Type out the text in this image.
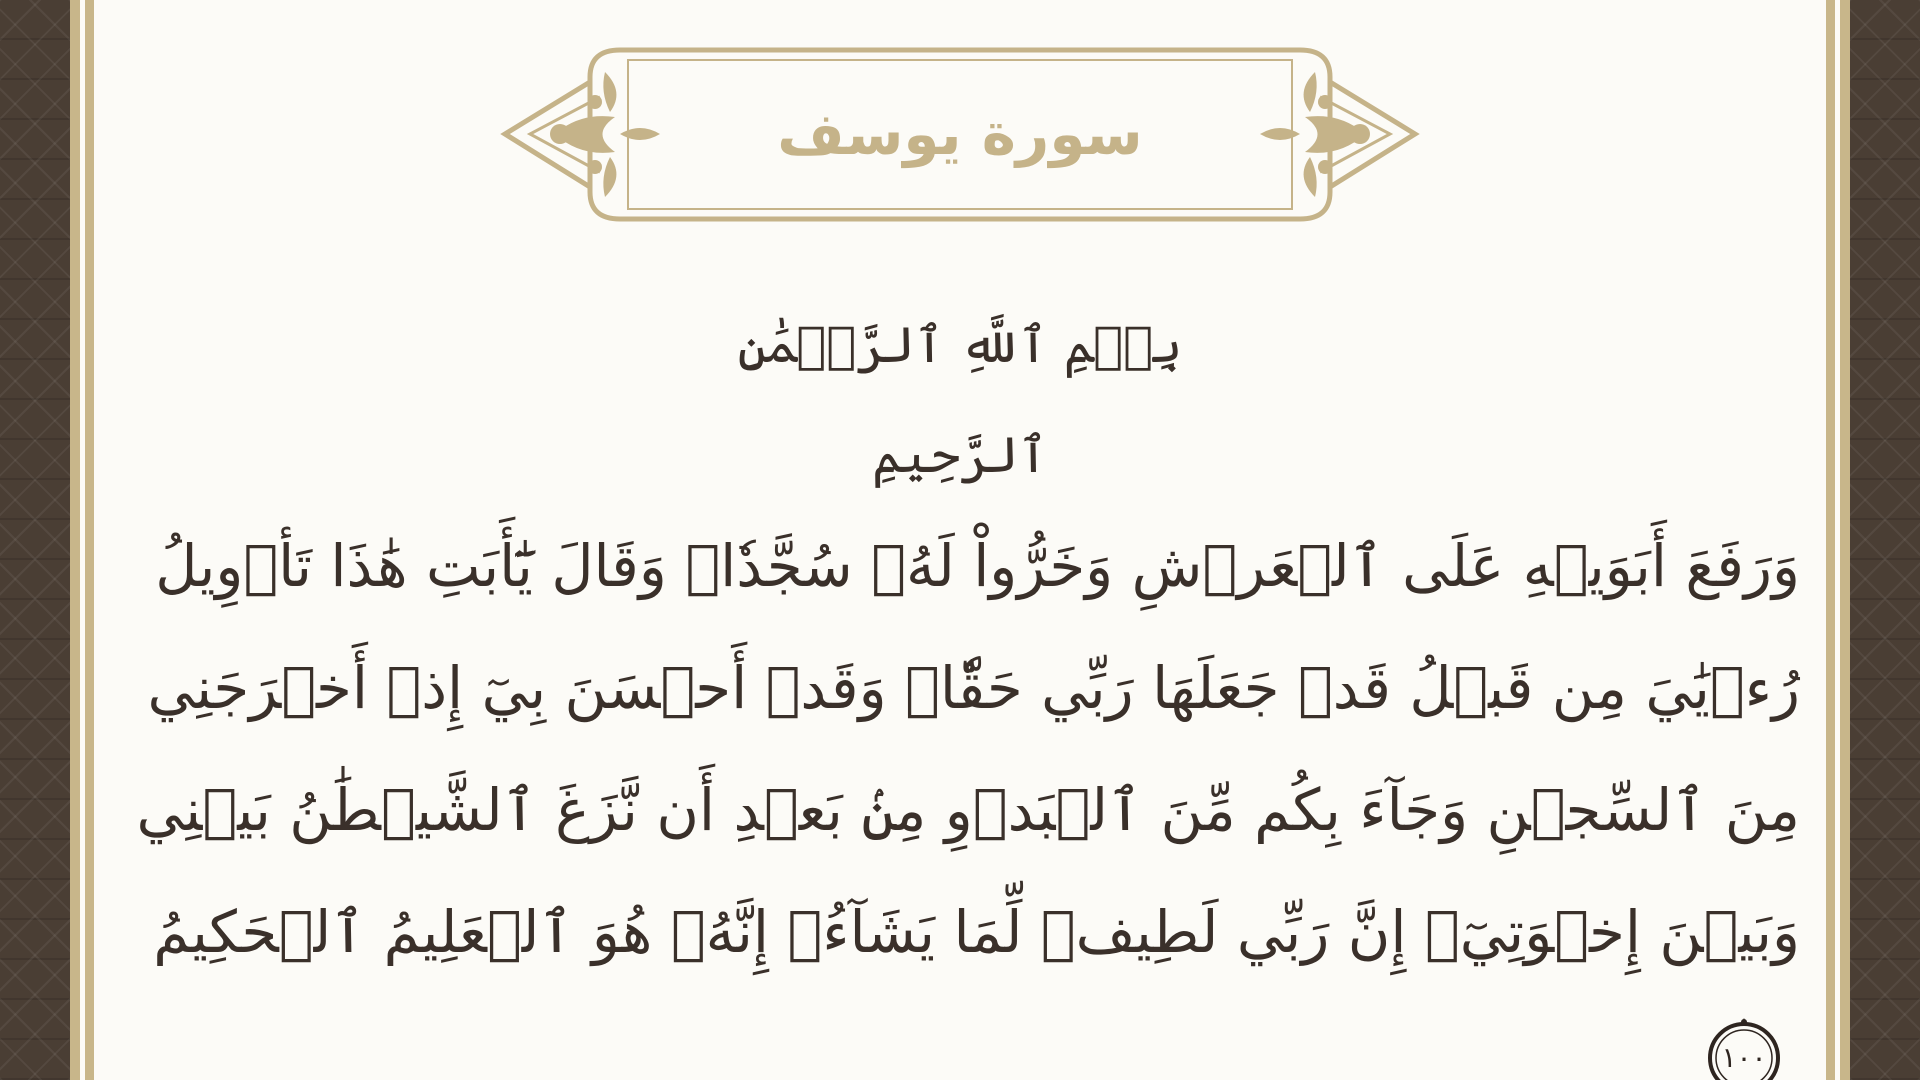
سورة يوسف
بِسۡمِ ٱللَّهِ ٱلرَّحۡمَٰنِ ٱلرَّحِيمِ
وَرَفَعَ أَبَوَيۡهِ عَلَى ٱلۡعَرۡشِ وَخَرُّواْ لَهُۥ سُجَّدٗاۖ وَقَالَ يَٰٓأَبَتِ هَٰذَا تَأۡوِيلُ رُءۡيَٰيَ مِن قَبۡلُ قَدۡ جَعَلَهَا رَبِّي حَقّٗاۖ وَقَدۡ أَحۡسَنَ بِيٓ إِذۡ أَخۡرَجَنِي مِنَ ٱلسِّجۡنِ وَجَآءَ بِكُم مِّنَ ٱلۡبَدۡوِ مِنۢ بَعۡدِ أَن نَّزَغَ ٱلشَّيۡطَٰنُ بَيۡنِي وَبَيۡنَ إِخۡوَتِيٓۚ إِنَّ رَبِّي لَطِيفٞ لِّمَا يَشَآءُۚ إِنَّهُۥ هُوَ ٱلۡعَلِيمُ ٱلۡحَكِيمُ
١٠٠
